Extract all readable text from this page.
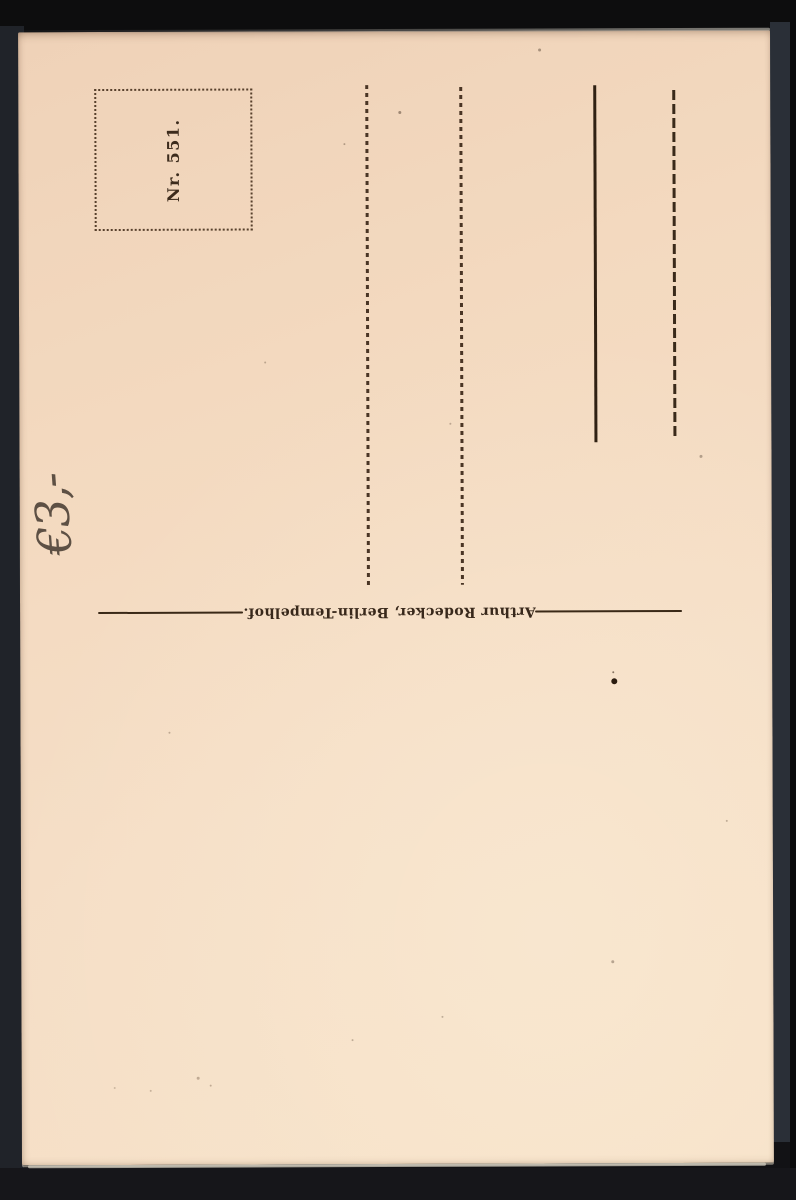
Nr. 551.
Arthur Rodecker, Berlin-Tempelhof.
€3,-
